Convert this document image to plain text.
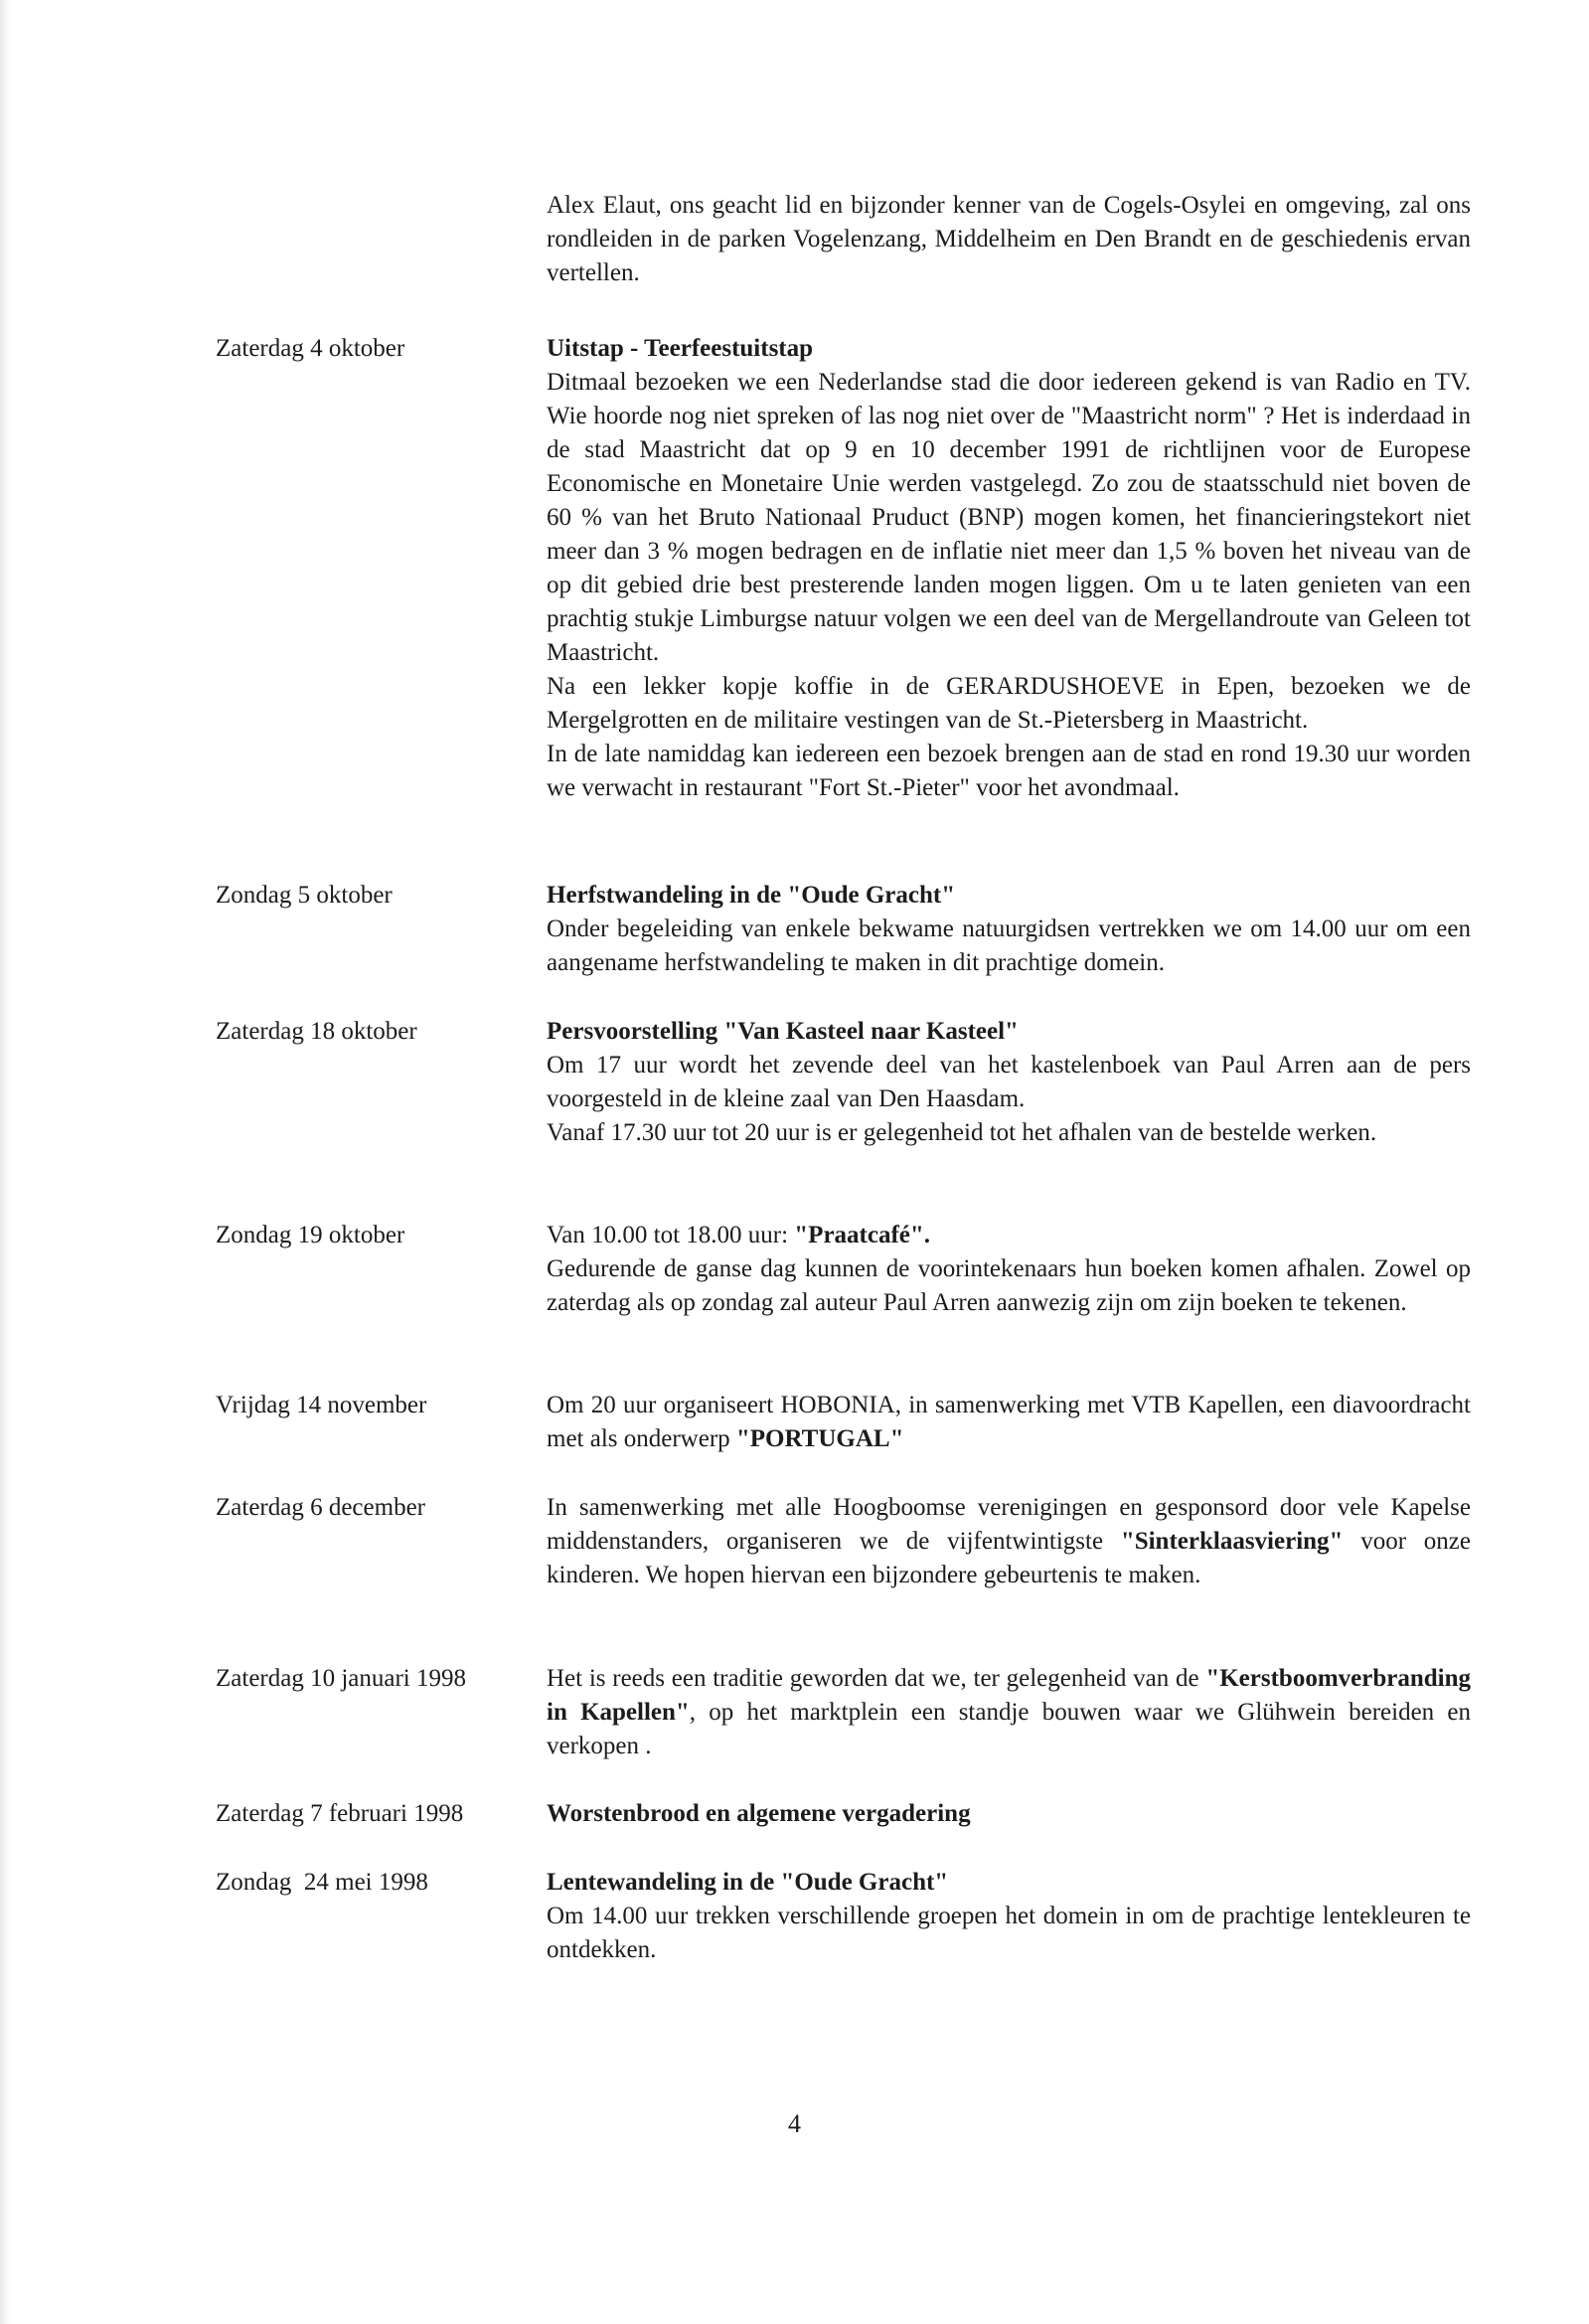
Alex Elaut, ons geacht lid en bijzonder kenner van de Cogels-Osylei en omgeving, zal ons rondleiden in de parken Vogelenzang, Middelheim en Den Brandt en de geschiedenis ervan vertellen.

Zaterdag 4 oktober	Uitstap - Teerfeestuitstap

Ditmaal bezoeken we een Nederlandse stad die door iedereen gekend is van Radio en TV. Wie hoorde nog niet spreken of las nog niet over de "Maastricht norm" ? Het is inderdaad in de stad Maastricht dat op 9 en 10 december 1991 de richtlijnen voor de Europese Economische en Monetaire Unie werden vastgelegd. Zo zou de staatsschuld niet boven de 60 % van het Bruto Nationaal Pruduct (BNP) mogen komen, het financieringstekort niet meer dan 3 % mogen bedragen en de inflatie niet meer dan 1,5 % boven het niveau van de op dit gebied drie best presterende landen mogen liggen. Om u te laten genieten van een prachtig stukje Limburgse natuur volgen we een deel van de Mergellandroute van Geleen tot Maastricht.

Na een lekker kopje koffie in de GERARDUSHOEVE in Epen, bezoeken we de Mergelgrotten en de militaire vestingen van de St.-Pietersberg in Maastricht.

In de late namiddag kan iedereen een bezoek brengen aan de stad en rond 19.30 uur worden we verwacht in restaurant "Fort St.-Pieter" voor het avondmaal.

Zondag 5 oktober	Herfstwandeling in de "Oude Gracht"

Onder begeleiding van enkele bekwame natuurgidsen vertrekken we om 14.00 uur om een aangename herfstwandeling te maken in dit prachtige domein.

Zaterdag 18 oktober	Persvoorstelling "Van Kasteel naar Kasteel"

Om 17 uur wordt het zevende deel van het kastelenboek van Paul Arren aan de pers voorgesteld in de kleine zaal van Den Haasdam.

Vanaf 17.30 uur tot 20 uur is er gelegenheid tot het afhalen van de bestelde werken.

Zondag 19 oktober	Van 10.00 tot 18.00 uur: "Praatcafé".

Gedurende de ganse dag kunnen de voorintekenaars hun boeken komen afhalen. Zowel op zaterdag als op zondag zal auteur Paul Arren aanwezig zijn om zijn boeken te tekenen.

Vrijdag 14 november	Om 20 uur organiseert HOBONIA, in samenwerking met VTB Kapellen, een diavoordracht met als onderwerp "PORTUGAL"

Zaterdag 6 december	In samenwerking met alle Hoogboomse verenigingen en gesponsord door vele Kapelse middenstanders, organiseren we de vijfentwintigste "Sinterklaasviering" voor onze kinderen. We hopen hiervan een bijzondere gebeurtenis te maken.

Zaterdag 10 januari 1998	Het is reeds een traditie geworden dat we, ter gelegenheid van de "Kerstboomverbranding in Kapellen", op het marktplein een standje bouwen waar we Glühwein bereiden en verkopen .

Zaterdag 7 februari 1998	Worstenbrood en algemene vergadering

Zondag  24 mei 1998	Lentewandeling in de "Oude Gracht"

Om 14.00 uur trekken verschillende groepen het domein in om de prachtige lentekleuren te ontdekken.

4
